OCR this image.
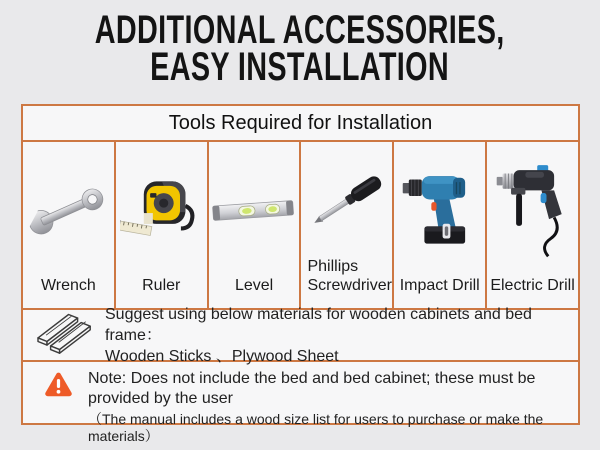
ADDITIONAL ACCESSORIES,
EASY INSTALLATION
Tools Required for Installation
Wrench	Ruler	Level
Phillips Screwdriver Impact Drill Electric Drill
Suggest using below materials for wooden cabinets and bed frame：
Wooden Sticks 、Plywood Sheet
Note: Does not include the bed and bed cabinet; these must be provided by the user
（The manual includes a wood size list for users to purchase or make the materials）
